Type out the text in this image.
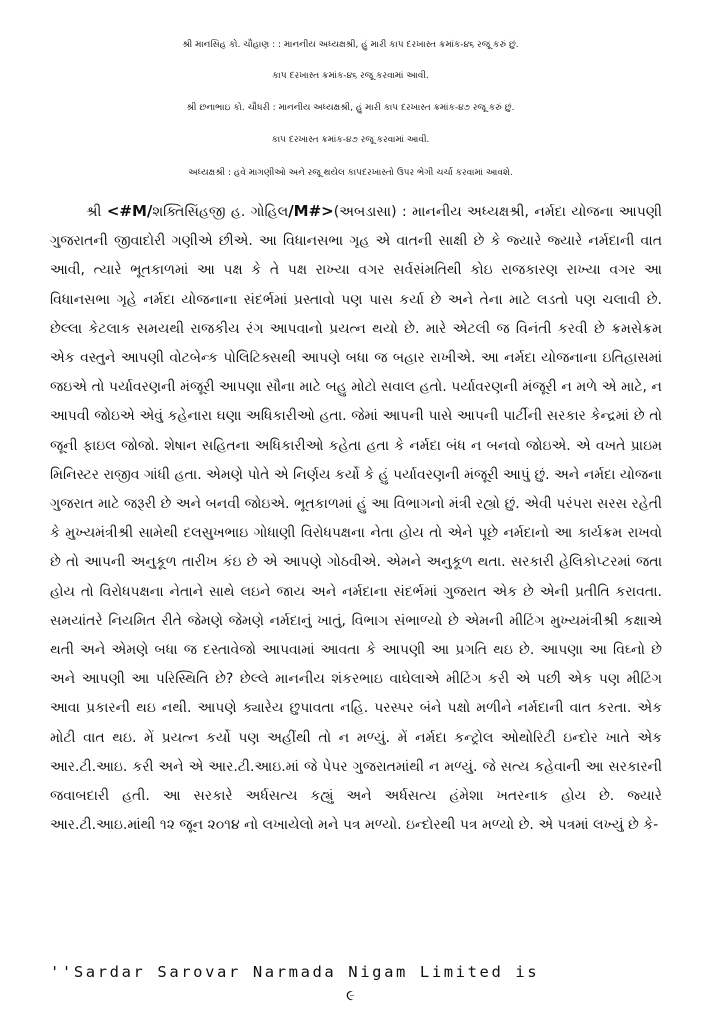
શ્રી માનસિંહ કો. ચૌહાણ : : માનનીય અધ્યક્ષશ્રી, હું મારી કાપ દરખાસ્ત ક્રમાંક-૪૬ રજૂ કરું છું.
કાપ દરખાસ્ત ક્રમાંક-૪૬ રજૂ કરવામાં આવી.
શ્રી છનાભાઇ કો. ચૌધરી : માનનીય અધ્યક્ષશ્રી, હું મારી કાપ દરખાસ્ત ક્રમાંક-૪૭ રજૂ કરું છું.
કાપ દરખાસ્ત ક્રમાંક-૪૭ રજૂ કરવામાં આવી.
અધ્યક્ષશ્રી : હવે માગણીઓ અને રજૂ થયેલ કાપદરખાસ્તો ઉપર ભેગી ચર્ચા કરવામાં આવશે.
શ્રી <#M/શક્તિસિંહજી હ. ગોહિલ/M#>(અબડાસા) : માનનીય અધ્યક્ષશ્રી, નર્મદા યોજના આપણી ગુજરાતની જીવાદોરી ગણીએ છીએ. આ વિધાનસભા ગૃહ એ વાતની સાક્ષી છે કે જ્યારે જ્યારે નર્મદાની વાત આવી, ત્યારે ભૂતકાળમાં આ પક્ષ કે તે પક્ષ રાખ્યા વગર સર્વસંમતિથી કોઇ રાજકારણ રાખ્યા વગર આ વિધાનસભા ગૃહે નર્મદા યોજનાના સંદર્ભમાં પ્રસ્તાવો પણ પાસ કર્યા છે અને તેના માટે લડતો પણ ચલાવી છે. છેલ્લા કેટલાક સમયથી રાજકીય રંગ આપવાનો પ્રયત્ન થયો છે. મારે એટલી જ વિનંતી કરવી છે ક્રમસેક્રમ એક વસ્તુને આપણી વોટબેન્ક પોલિટિક્સથી આપણે બધા જ બહાર રાખીએ. આ નર્મદા યોજનાના ઇતિહાસમાં જઇએ તો પર્યાવરણની મંજૂરી આપણા સૌના માટે બહુ મોટો સવાલ હતો. પર્યાવરણની મંજૂરી ન મળે એ માટે, ન આપવી જોઇએ એવું કહેનારા ઘણા અધિકારીઓ હતા. જેમાં આપની પાસે આપની પાર્ટીની સરકાર કેન્દ્રમાં છે તો જૂની ફાઇલ જોજો. શેષાન સહિતના અધિકારીઓ કહેતા હતા કે નર્મદા બંધ ન બનવો જોઇએ. એ વખતે પ્રાઇમ મિનિસ્ટર રાજીવ ગાંધી હતા. એમણે પોતે એ નિર્ણય કર્યો કે હું પર્યાવરણની મંજૂરી આપું છું. અને નર્મદા યોજના ગુજરાત માટે જરૂરી છે અને બનવી જોઇએ. ભૂતકાળમાં હું આ વિભાગનો મંત્રી રહ્યો છું. એવી પરંપરા સરસ રહેતી કે મુખ્યમંત્રીશ્રી સામેથી દલસુખભાઇ ગોધાણી વિરોધપક્ષના નેતા હોય તો એને પૂછે નર્મદાનો આ કાર્યક્રમ રાખવો છે તો આપની અનુકૂળ તારીખ કંઇ છે એ આપણે ગોઠવીએ. એમને અનુકૂળ થતા. સરકારી હેલિકોપ્ટરમાં જતા હોય તો વિરોધપક્ષના નેતાને સાથે લઇને જાય અને નર્મદાના સંદર્ભમાં ગુજરાત એક છે એની પ્રતીતિ કરાવતા. સમયાંતરે નિયમિત રીતે જેમણે જેમણે નર્મદાનું ખાતું, વિભાગ સંભાળ્યો છે એમની મીટિંગ મુખ્યમંત્રીશ્રી કક્ષાએ થતી અને એમણે બધા જ દસ્તાવેજો આપવામાં આવતા કે આપણી આ પ્રગતિ થઇ છે. આપણા આ વિઘ્નો છે અને આપણી આ પરિસ્થિતિ છે? છેલ્લે માનનીય શંકરભાઇ વાઘેલાએ મીટિંગ કરી એ પછી એક પણ મીટિંગ આવા પ્રકારની થઇ નથી. આપણે ક્યારેય છુપાવતા નહિ. પરસ્પર બંને પક્ષો મળીને નર્મદાની વાત કરતા. એક મોટી વાત થઇ. મેં પ્રયત્ન કર્યો પણ અહીંથી તો ન મળ્યું. મેં નર્મદા કન્ટ્રોલ ઓથોરિટી ઇન્દોર ખાતે એક આર.ટી.આઇ. કરી અને એ આર.ટી.આઇ.માં જે પેપર ગુજરાતમાંથી ન મળ્યું. જે સત્ય કહેવાની આ સરકારની જવાબદારી હતી. આ સરકારે અર્ધસત્ય કહ્યું અને અર્ધસત્ય હંમેશા ખતરનાક હોય છે. જ્યારે આર.ટી.આઇ.માંથી ૧૨ જૂન ૨૦૧૪ નો લખાયેલો મને પત્ર મળ્યો. ઇન્દોરથી પત્ર મળ્યો છે. એ પત્રમાં લખ્યું છે કે-
''Sardar Sarovar Narmada Nigam Limited is
૯
